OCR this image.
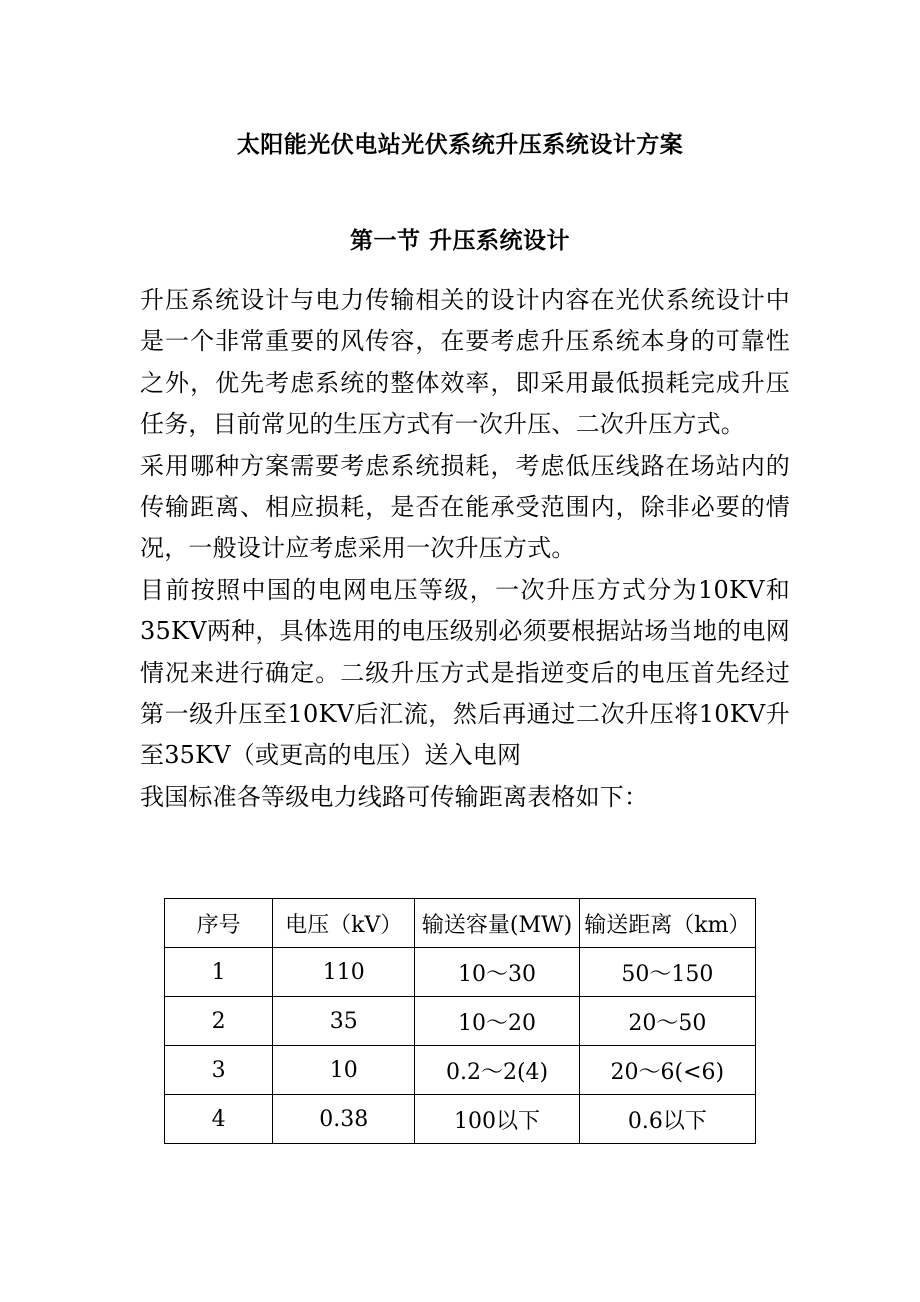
太阳能光伏电站光伏系统升压系统设计方案
第一节 升压系统设计

升压系统设计与电力传输相关的设计内容在光伏系统设计中是一个非常重要的风传容，在要考虑升压系统本身的可靠性之外，优先考虑系统的整体效率，即采用最低损耗完成升压任务，目前常见的生压方式有一次升压、二次升压方式。

采用哪种方案需要考虑系统损耗，考虑低压线路在场站内的传输距离、相应损耗，是否在能承受范围内，除非必要的情况，一般设计应考虑采用一次升压方式。

目前按照中国的电网电压等级，一次升压方式分为10KV和35KV两种，具体选用的电压级别必须要根据站场当地的电网情况来进行确定。二级升压方式是指逆变后的电压首先经过第一级升压至10KV后汇流，然后再通过二次升压将10KV升至35KV（或更高的电压）送入电网

我国标准各等级电力线路可传输距离表格如下：

序号	电压（kV）	输送容量(MW)	输送距离（km）
1	110	10～30	50～150
2	35	10～20	20～50
3	10	0.2～2(4)	20～6(<6)
4	0.38	100以下	0.6以下
